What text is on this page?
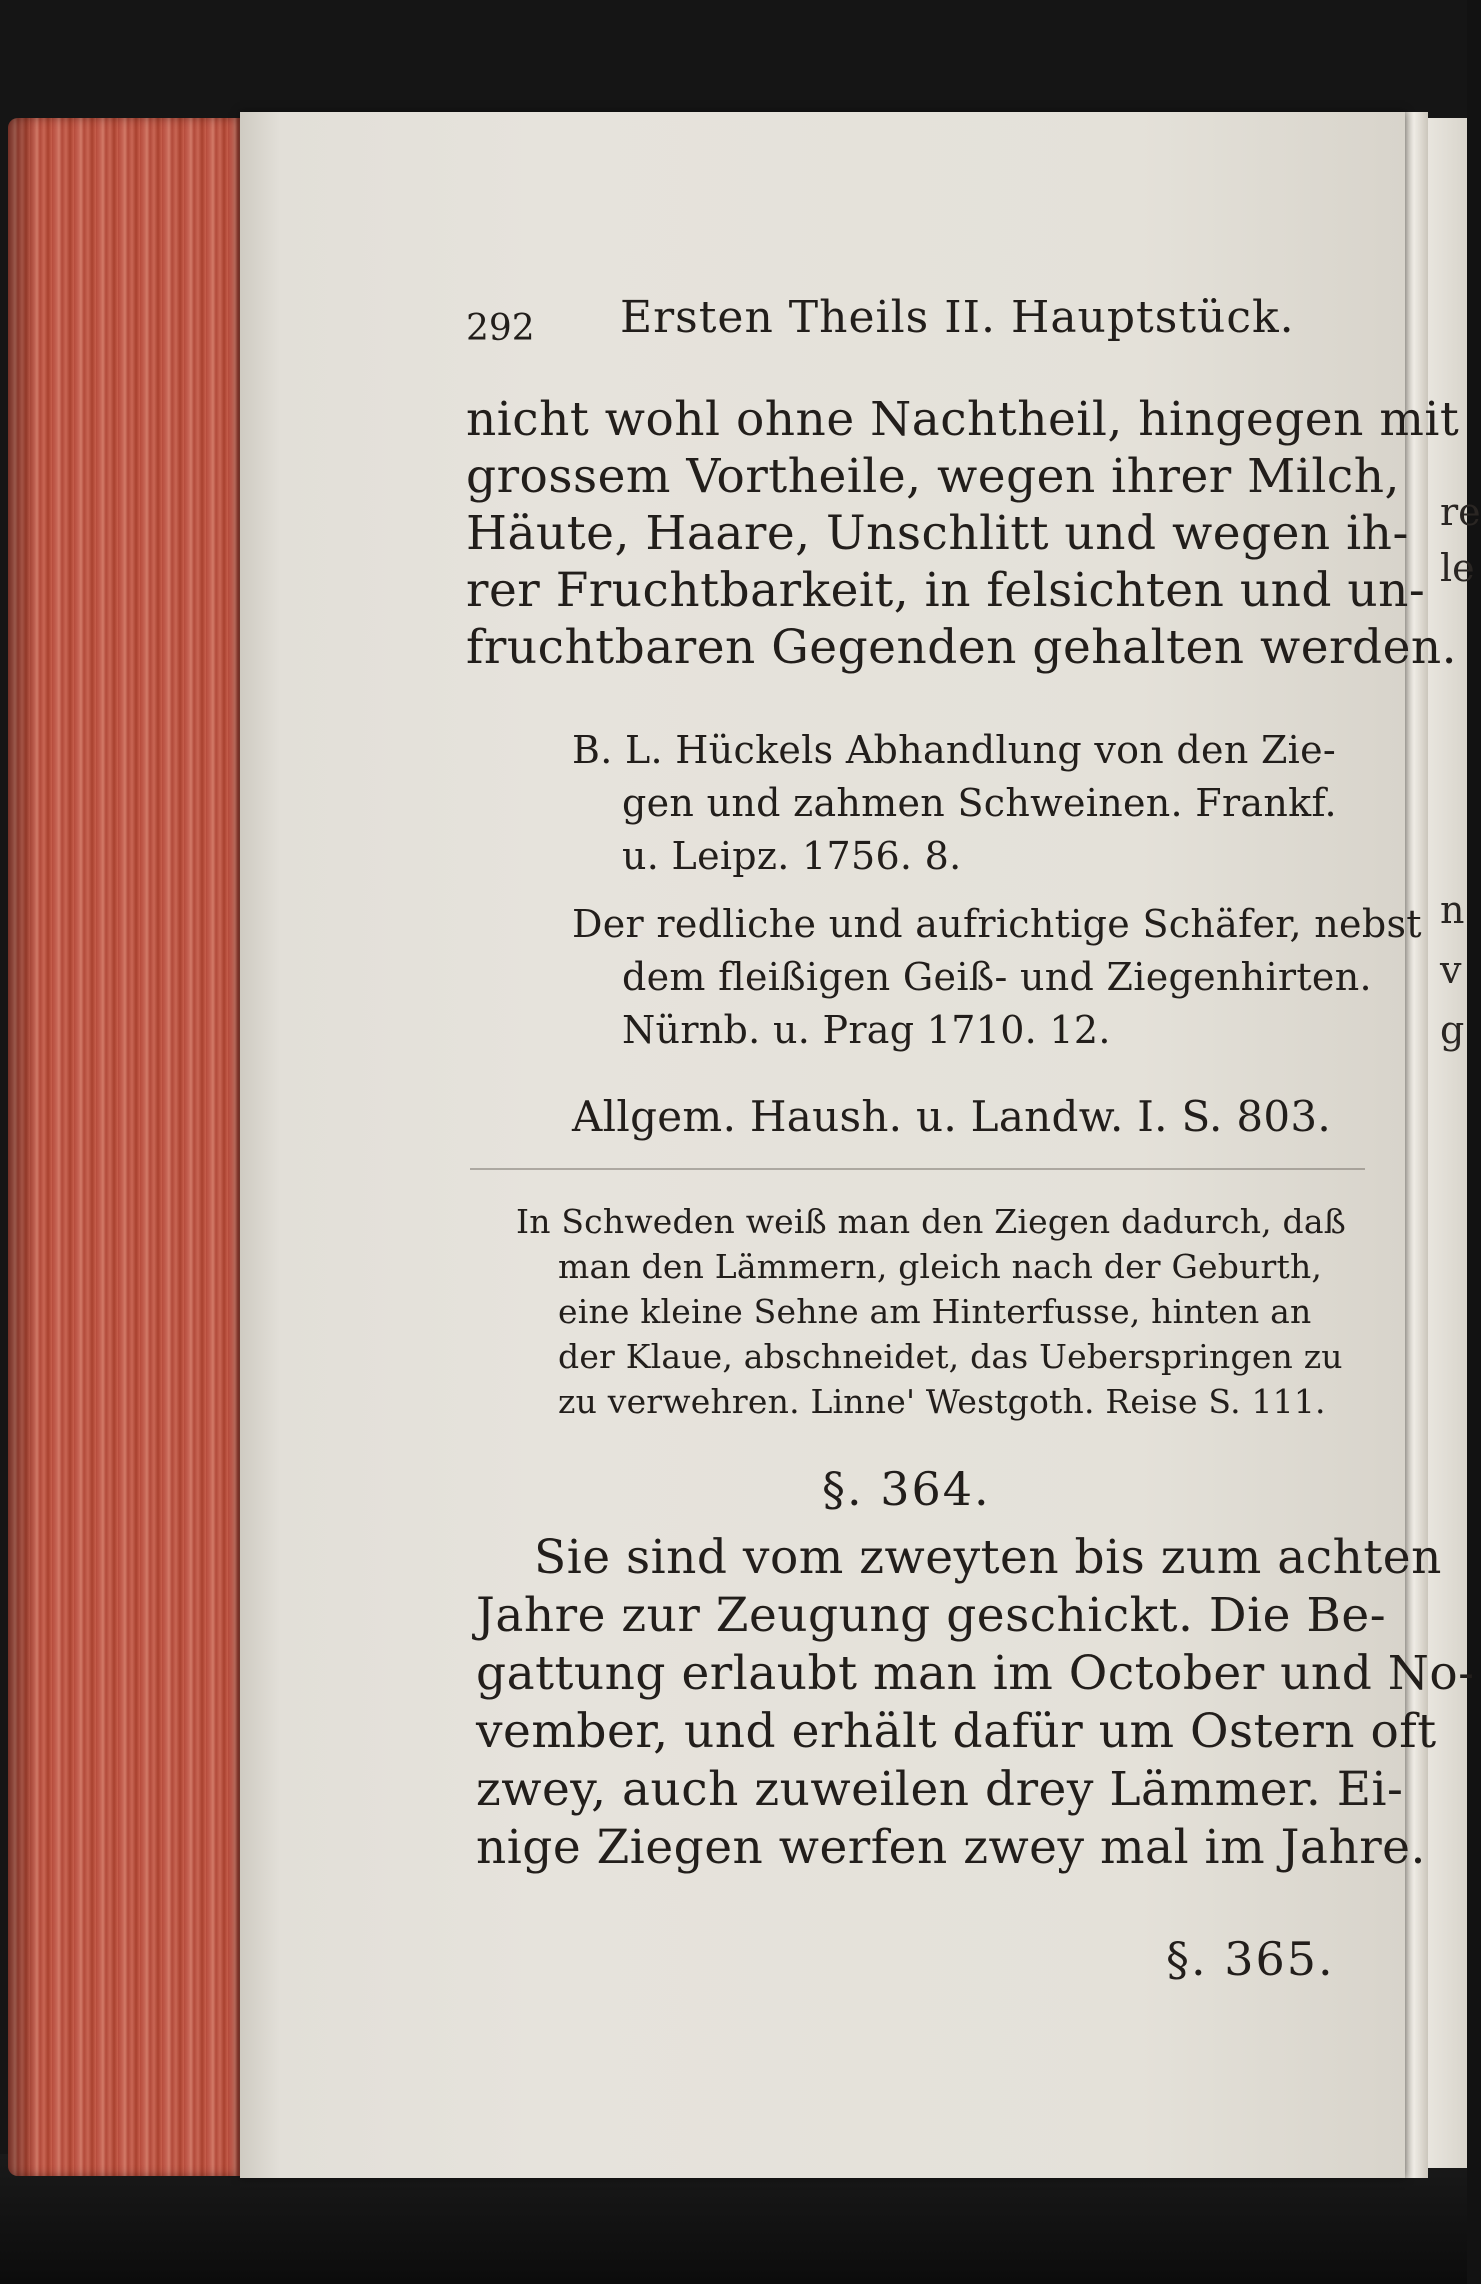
re
le
n
v
g
292 Ersten Theils II. Hauptstück.
nicht wohl ohne Nachtheil, hingegen mit
grossem Vortheile, wegen ihrer Milch,
Häute, Haare, Unschlitt und wegen ih-
rer Fruchtbarkeit, in felsichten und un-
fruchtbaren Gegenden gehalten werden.
B. L. Hückels Abhandlung von den Zie-
gen und zahmen Schweinen. Frankf.
u. Leipz. 1756. 8.
Der redliche und aufrichtige Schäfer, nebst
dem fleißigen Geiß- und Ziegenhirten.
Nürnb. u. Prag 1710. 12.
Allgem. Haush. u. Landw. I. S. 803.
In Schweden weiß man den Ziegen dadurch, daß
man den Lämmern, gleich nach der Geburth,
eine kleine Sehne am Hinterfusse, hinten an
der Klaue, abschneidet, das Ueberspringen zu
zu verwehren. Linne' Westgoth. Reise S. 111.
§. 364.
Sie sind vom zweyten bis zum achten
Jahre zur Zeugung geschickt. Die Be-
gattung erlaubt man im October und No-
vember, und erhält dafür um Ostern oft
zwey, auch zuweilen drey Lämmer. Ei-
nige Ziegen werfen zwey mal im Jahre.
§. 365.
